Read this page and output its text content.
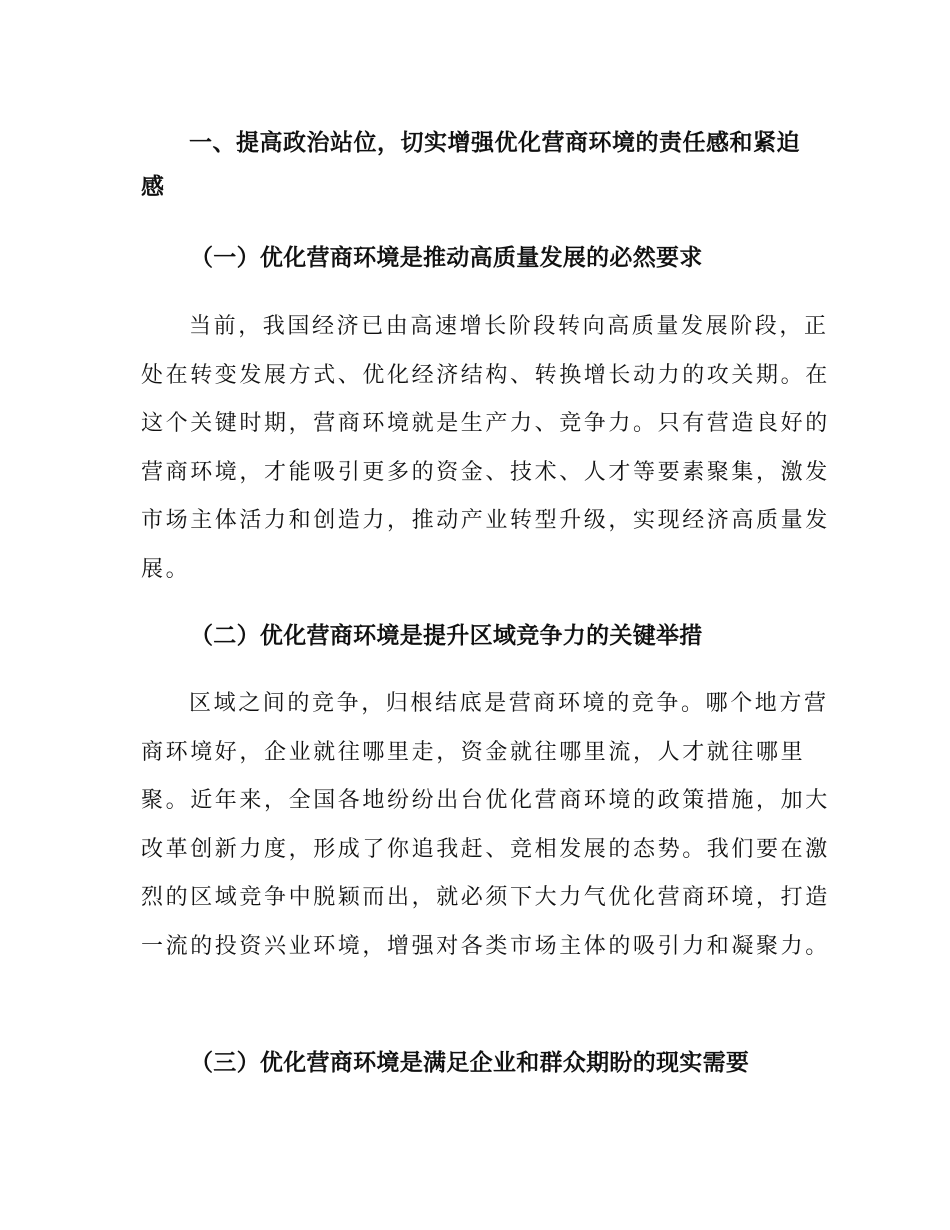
一、提高政治站位，切实增强优化营商环境的责任感和紧迫感
（一）优化营商环境是推动高质量发展的必然要求

当前，我国经济已由高速增长阶段转向高质量发展阶段，正处在转变发展方式、优化经济结构、转换增长动力的攻关期。在这个关键时期，营商环境就是生产力、竞争力。只有营造良好的营商环境，才能吸引更多的资金、技术、人才等要素聚集，激发市场主体活力和创造力，推动产业转型升级，实现经济高质量发展。

（二）优化营商环境是提升区域竞争力的关键举措

区域之间的竞争，归根结底是营商环境的竞争。哪个地方营商环境好，企业就往哪里走，资金就往哪里流，人才就往哪里聚。近年来，全国各地纷纷出台优化营商环境的政策措施，加大改革创新力度，形成了你追我赶、竞相发展的态势。我们要在激烈的区域竞争中脱颖而出，就必须下大力气优化营商环境，打造一流的投资兴业环境，增强对各类市场主体的吸引力和凝聚力。

（三）优化营商环境是满足企业和群众期盼的现实需要
